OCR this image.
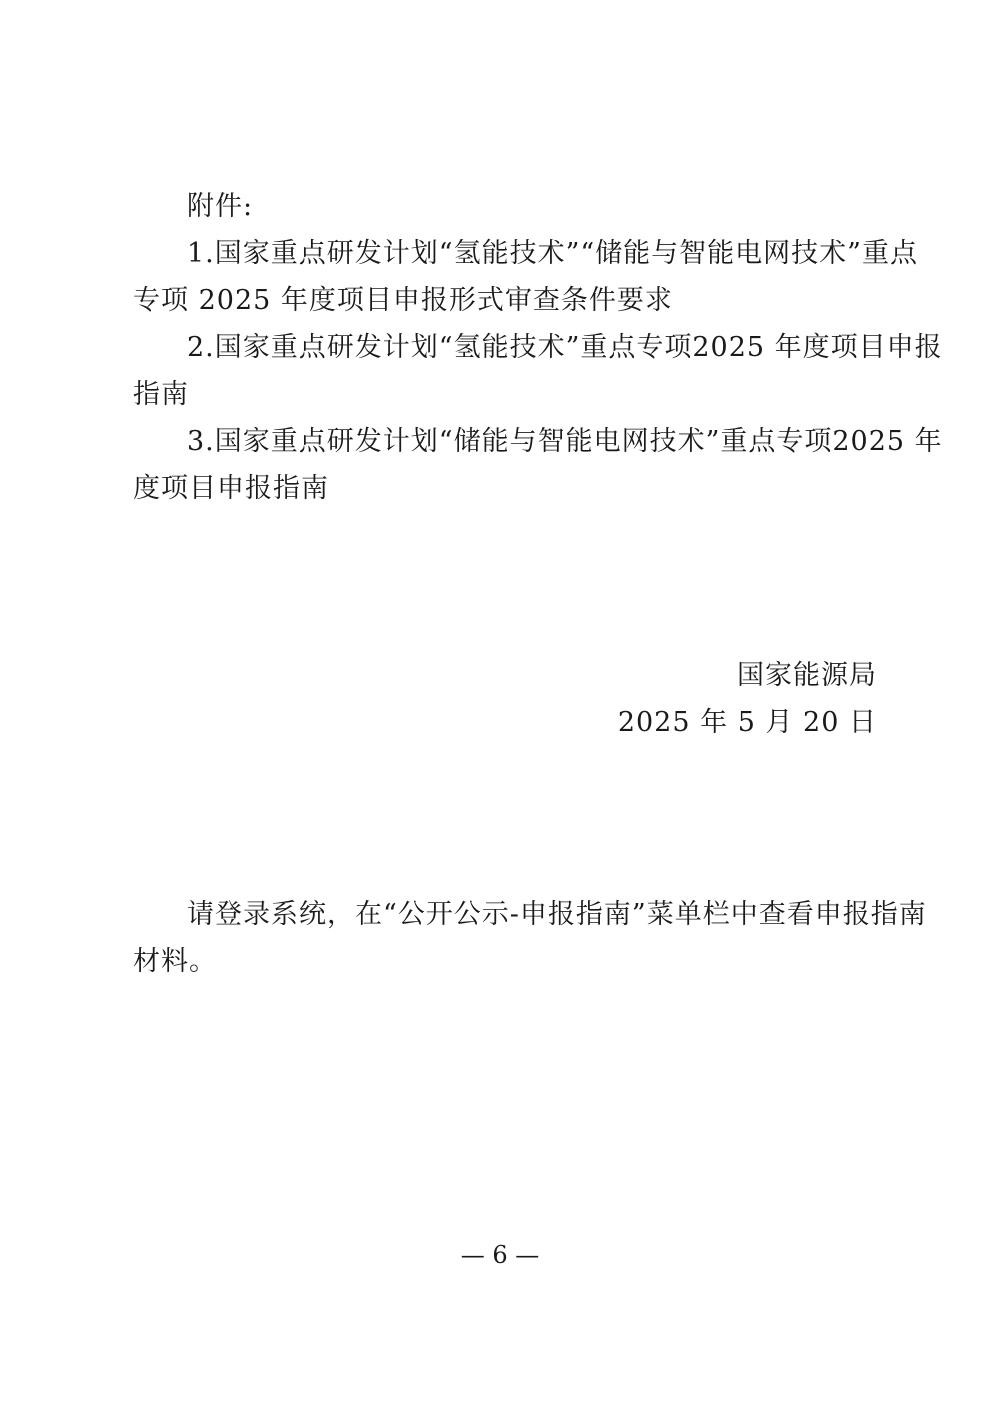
附件:
1.国家重点研发计划“氢能技术”“储能与智能电网技术”重点
专项 2025 年度项目申报形式审查条件要求
2.国家重点研发计划“氢能技术”重点专项2025 年度项目申报
指南
3.国家重点研发计划“储能与智能电网技术”重点专项2025 年
度项目申报指南
国家能源局
2025 年 5 月 20 日
请登录系统，在“公开公示-申报指南”菜单栏中查看申报指南
材料。
— 6 —
